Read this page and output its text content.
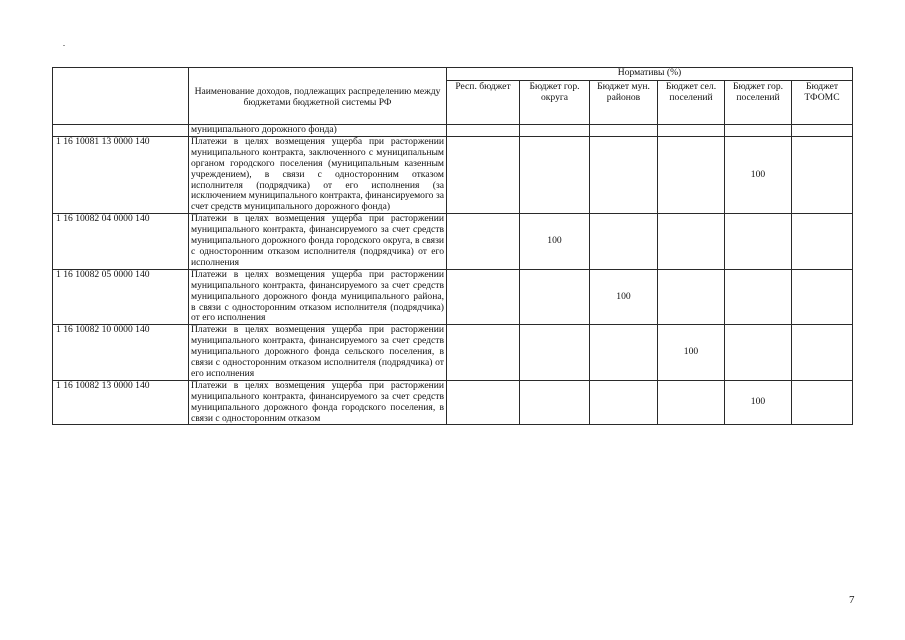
	Наименование доходов, подлежащих распределению между бюджетами бюджетной системы РФ	Нормативы (%)					
		Респ. бюджет	Бюджет гор. округа	Бюджет мун. районов	Бюджет сел. поселений	Бюджет гор. поселений	Бюджет ТФОМС
	муниципального дорожного фонда)						
1 16 10081 13 0000 140	Платежи в целях возмещения ущерба при расторжении муниципального контракта, заключенного с муниципальным органом городского поселения (муниципальным казенным учреждением), в связи с односторонним отказом исполнителя (подрядчика) от его исполнения (за исключением муниципального контракта, финансируемого за счет средств муниципального дорожного фонда)					100	
1 16 10082 04 0000 140	Платежи в целях возмещения ущерба при расторжении муниципального контракта, финансируемого за счет средств муниципального дорожного фонда городского округа, в связи с односторонним отказом исполнителя (подрядчика) от его исполнения		100				
1 16 10082 05 0000 140	Платежи в целях возмещения ущерба при расторжении муниципального контракта, финансируемого за счет средств муниципального дорожного фонда муниципального района, в связи с односторонним отказом исполнителя (подрядчика) от его исполнения			100			
1 16 10082 10 0000 140	Платежи в целях возмещения ущерба при расторжении муниципального контракта, финансируемого за счет средств муниципального дорожного фонда сельского поселения, в связи с односторонним отказом исполнителя (подрядчика) от его исполнения				100		
1 16 10082 13 0000 140	Платежи в целях возмещения ущерба при расторжении муниципального контракта, финансируемого за счет средств муниципального дорожного фонда городского поселения, в связи с односторонним отказом					100	
7
